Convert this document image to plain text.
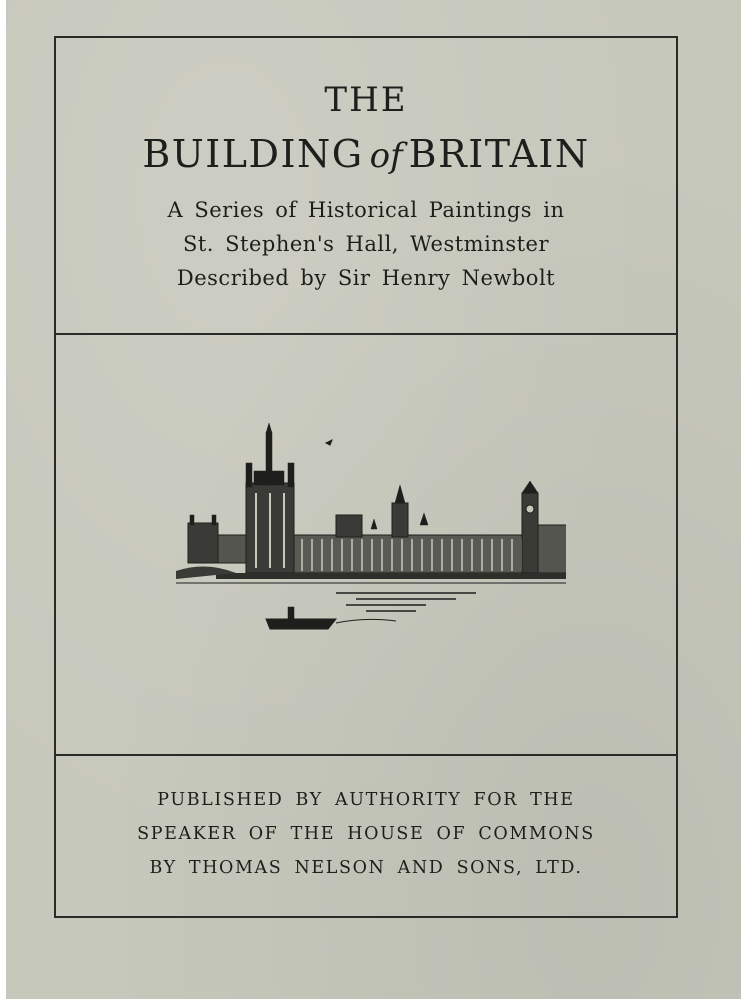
THE
BUILDING of BRITAIN
A Series of Historical Paintings in
St. Stephen's Hall, Westminster
Described by Sir Henry Newbolt
PUBLISHED BY AUTHORITY FOR THE
SPEAKER OF THE HOUSE OF COMMONS
BY THOMAS NELSON AND SONS, LTD.
